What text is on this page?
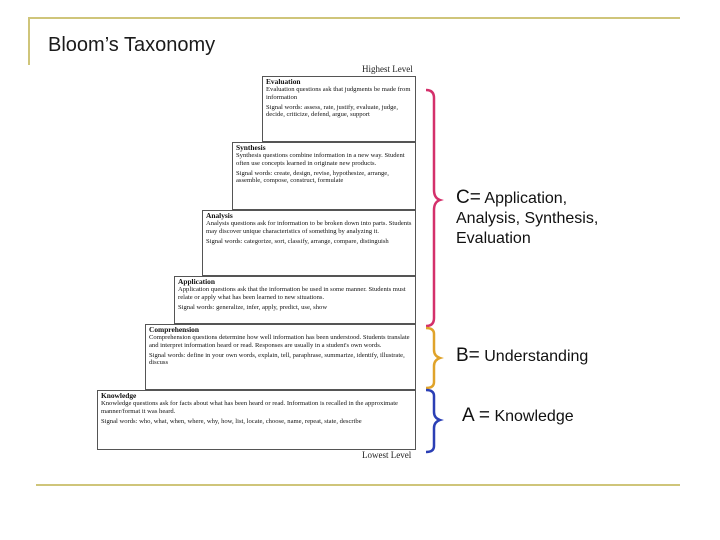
Bloom’s Taxonomy
Highest Level
Lowest Level
Evaluation
Evaluation questions ask that judgments be made from information
Signal words: assess, rate, justify, evaluate, judge, decide, criticize, defend, argue, support
Synthesis
Synthesis questions combine information in a new way. Student often use concepts learned in originate new products.
Signal words: create, design, revise, hypothesize, arrange, assemble, compose, construct, formulate
Analysis
Analysis questions ask for information to be broken down into parts. Students may discover unique characteristics of something by analyzing it.
Signal words: categorize, sort, classify, arrange, compare, distinguish
Application
Application questions ask that the information be used in some manner. Students must relate or apply what has been learned to new situations.
Signal words: generalize, infer, apply, predict, use, show
Comprehension
Comprehension questions determine how well information has been understood. Students translate and interpret information heard or read. Responses are usually in a student's own words.
Signal words: define in your own words, explain, tell, paraphrase, summarize, identify, illustrate, discuss
Knowledge
Knowledge questions ask for facts about what has been heard or read. Information is recalled in the approximate manner/format it was heard.
Signal words: who, what, when, where, why, how, list, locate, choose, name, repeat, state, describe
C= Application,
Analysis, Synthesis,
Evaluation
B= Understanding
A = Knowledge
